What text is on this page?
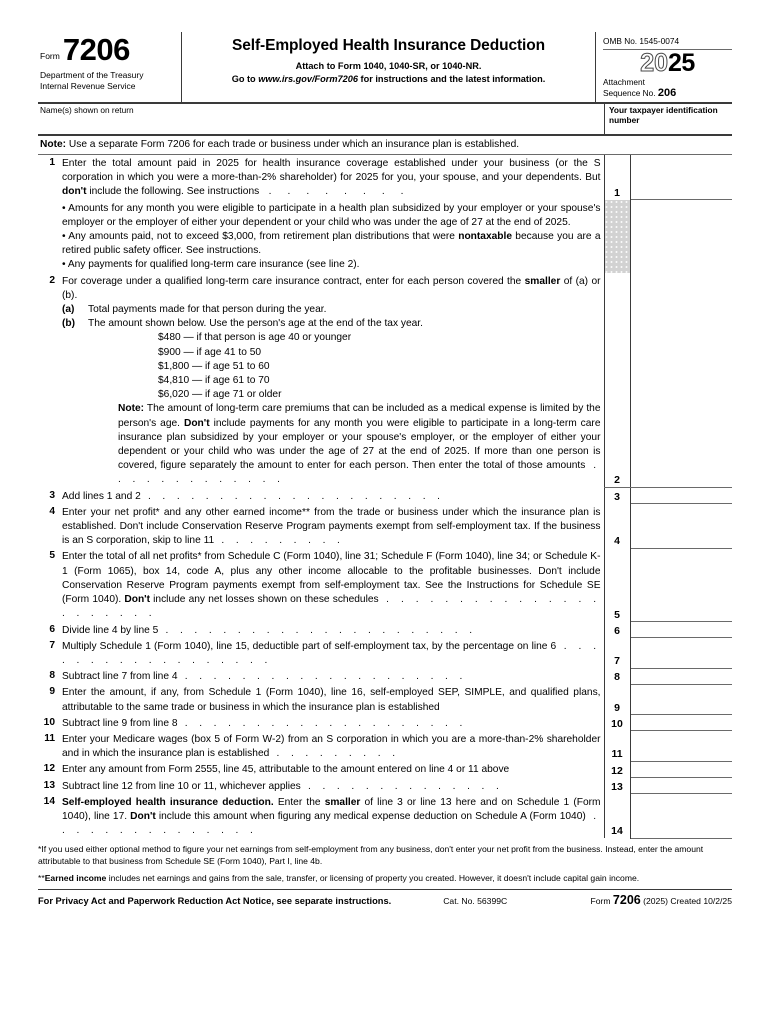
Form 7206
Department of the Treasury
Internal Revenue Service
Self-Employed Health Insurance Deduction
Attach to Form 1040, 1040-SR, or 1040-NR.
Go to www.irs.gov/Form7206 for instructions and the latest information.
OMB No. 1545-0074
2025
Attachment
Sequence No. 206
Name(s) shown on return	Your taxpayer identification number
Note: Use a separate Form 7206 for each trade or business under which an insurance plan is established.
1	Enter the total amount paid in 2025 for health insurance coverage established under your business (or the S corporation in which you were a more-than-2% shareholder) for 2025 for you, your spouse, and your dependents. But don't include the following. See instructions . . . . . . . .	1	

	• Amounts for any month you were eligible to participate in a health plan subsidized by your employer or your spouse's employer or the employer of either your dependent or your child who was under the age of 27 at the end of 2025.
• Any amounts paid, not to exceed $3,000, from retirement plan distributions that were nontaxable because you are a retired public safety officer. See instructions.
• Any payments for qualified long-term care insurance (see line 2).		

2	For coverage under a qualified long-term care insurance contract, enter for each person covered the smaller of (a) or (b).
(a) Total payments made for that person during the year.
(b) The amount shown below. Use the person's age at the end of the tax year.
$480 — if that person is age 40 or younger
$900 — if age 41 to 50
$1,800 — if age 51 to 60
$4,810 — if age 61 to 70
$6,020 — if age 71 or older
Note: The amount of long-term care premiums that can be included as a medical expense is limited by the person's age. Don't include payments for any month you were eligible to participate in a long-term care insurance plan subsidized by your employer or your spouse's employer, or the employer of either your dependent or your child who was under the age of 27 at the end of 2025. If more than one person is covered, figure separately the amount to enter for each person. Then enter the total of those amounts . . . . . . . . . . . . .	2	
3	Add lines 1 and 2 . . . . . . . . . . . . . . . . . . . . .	3	
4	Enter your net profit* and any other earned income** from the trade or business under which the insurance plan is established. Don't include Conservation Reserve Program payments exempt from self-employment tax. If the business is an S corporation, skip to line 11 . . . . . . . . .	4	
5	Enter the total of all net profits* from Schedule C (Form 1040), line 31; Schedule F (Form 1040), line 34; or Schedule K-1 (Form 1065), box 14, code A, plus any other income allocable to the profitable businesses. Don't include Conservation Reserve Program payments exempt from self-employment tax. See the Instructions for Schedule SE (Form 1040). Don't include any net losses shown on these schedules . . . . . . . . . . . . . . . . . . . . . .	5	
6	Divide line 4 by line 5 . . . . . . . . . . . . . . . . . . . . . .	6	
7	Multiply Schedule 1 (Form 1040), line 15, deductible part of self-employment tax, by the percentage on line 6 . . . . . . . . . . . . . . . . . .	7	
8	Subtract line 7 from line 4 . . . . . . . . . . . . . . . . . . . .	8	
9	Enter the amount, if any, from Schedule 1 (Form 1040), line 16, self-employed SEP, SIMPLE, and qualified plans, attributable to the same trade or business in which the insurance plan is established	9	
10	Subtract line 9 from line 8 . . . . . . . . . . . . . . . . . . . .	10	
11	Enter your Medicare wages (box 5 of Form W-2) from an S corporation in which you are a more-than-2% shareholder and in which the insurance plan is established . . . . . . . . .	11	
12	Enter any amount from Form 2555, line 45, attributable to the amount entered on line 4 or 11 above	12	
13	Subtract line 12 from line 10 or 11, whichever applies . . . . . . . . . . . . . .	13	
14	Self-employed health insurance deduction. Enter the smaller of line 3 or line 13 here and on Schedule 1 (Form 1040), line 17. Don't include this amount when figuring any medical expense deduction on Schedule A (Form 1040) . . . . . . . . . . . . . . .	14	

*If you used either optional method to figure your net earnings from self-employment from any business, don't enter your net profit from the business. Instead, enter the amount attributable to that business from Schedule SE (Form 1040), Part I, line 4b.

**Earned income includes net earnings and gains from the sale, transfer, or licensing of property you created. However, it doesn't include capital gain income.

For Privacy Act and Paperwork Reduction Act Notice, see separate instructions.	Cat. No. 56399C	Form 7206 (2025) Created 10/2/25
